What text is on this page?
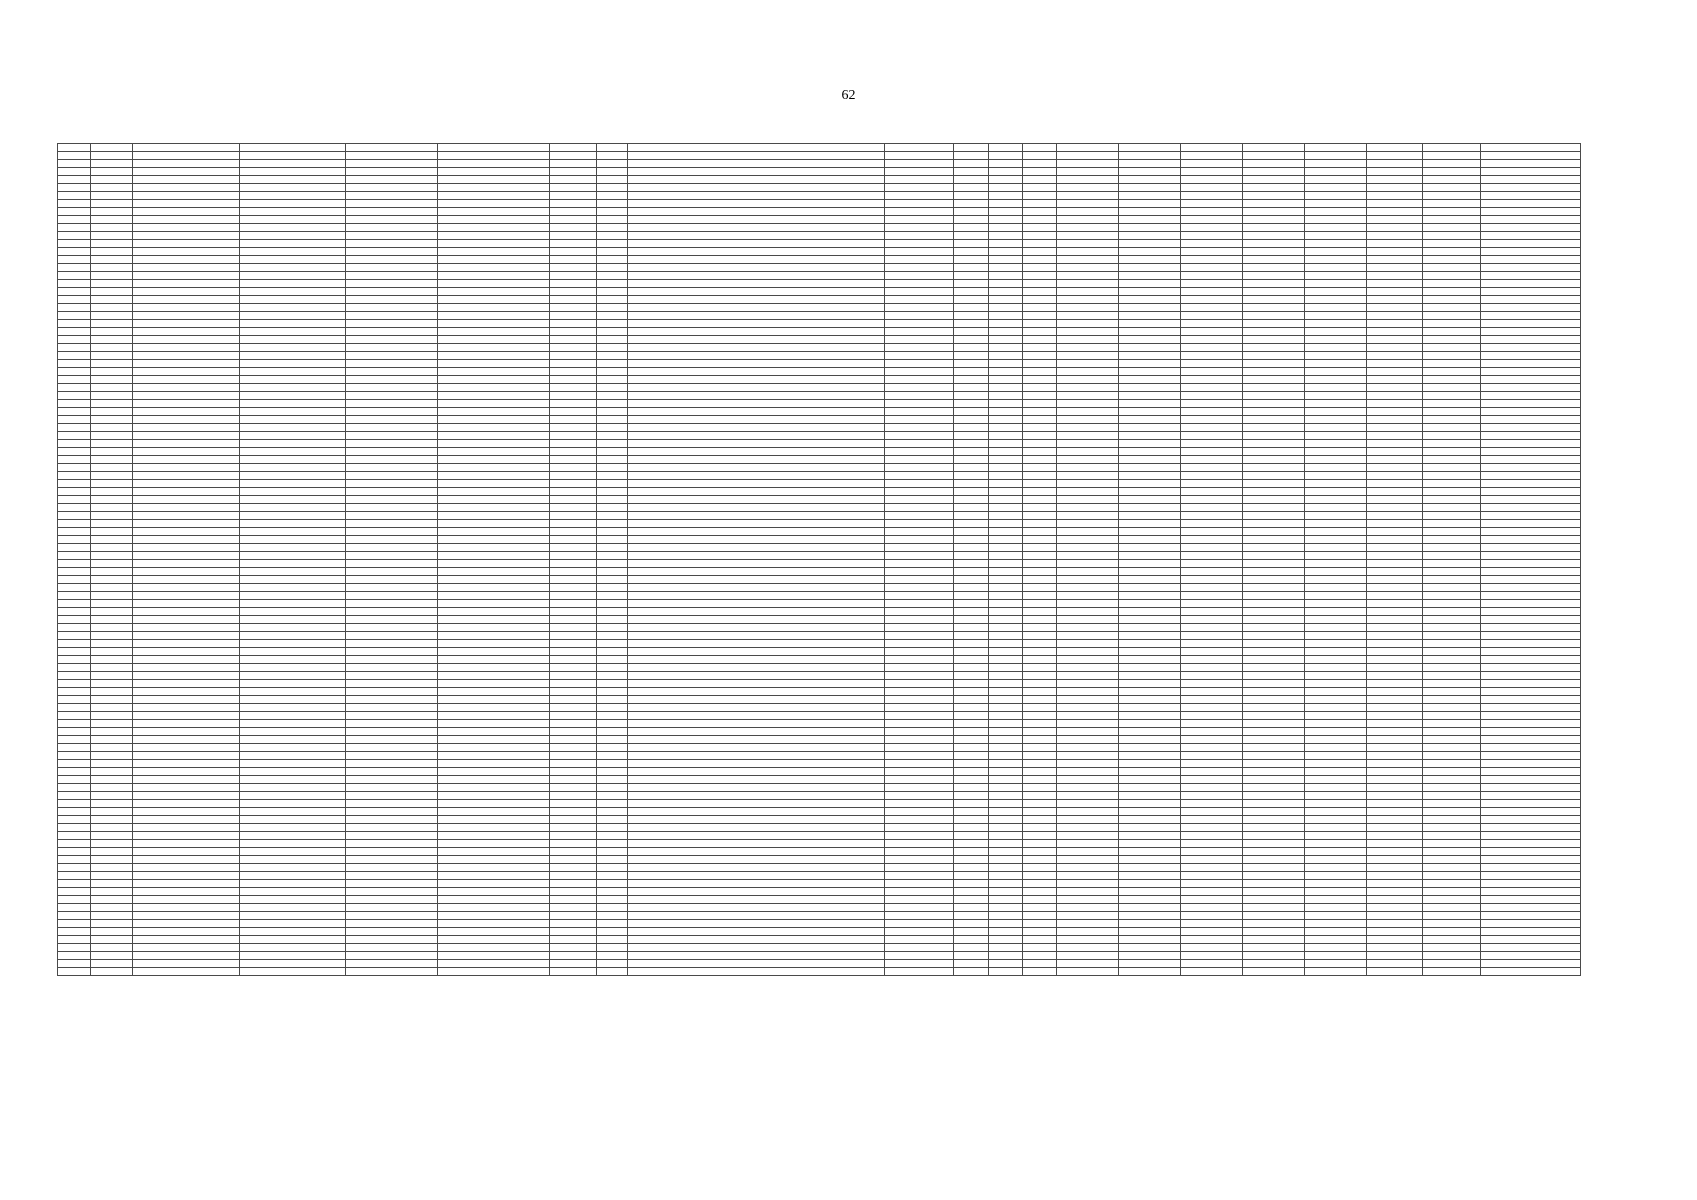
62
